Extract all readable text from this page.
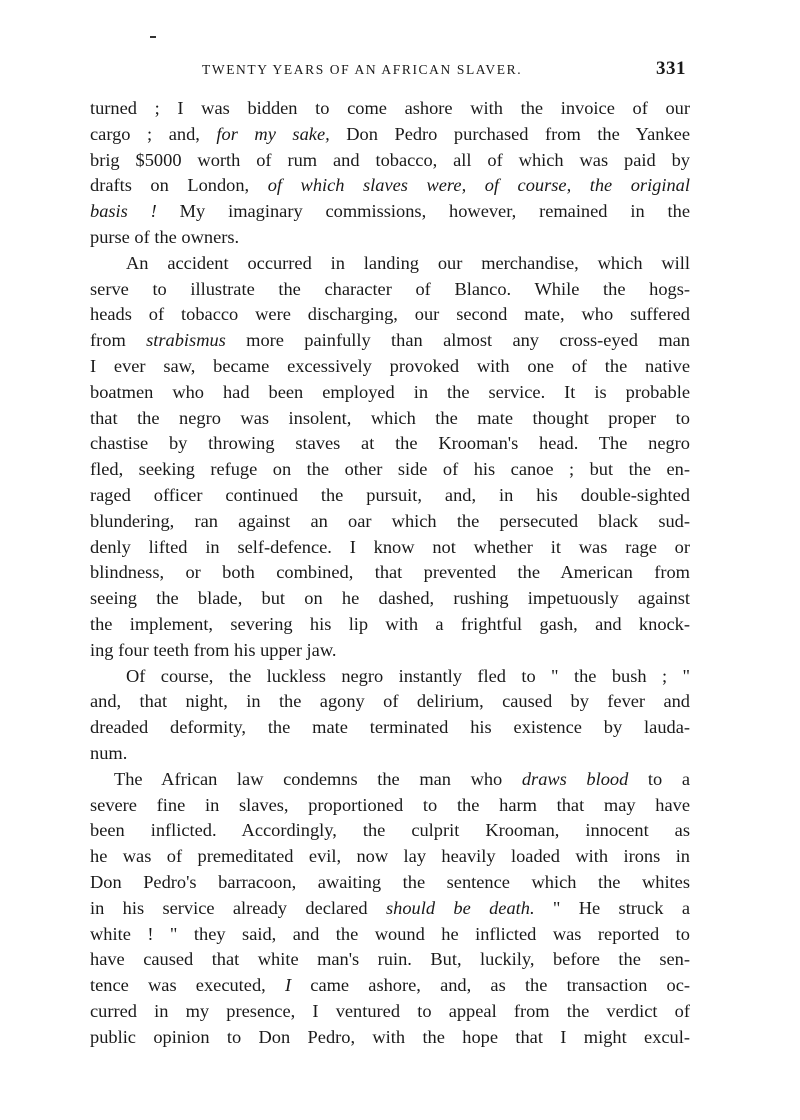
TWENTY YEARS OF AN AFRICAN SLAVER.	331
turned ; I was bidden to come ashore with the invoice of our
cargo ; and, for my sake, Don Pedro purchased from the Yankee
brig $5000 worth of rum and tobacco, all of which was paid by
drafts on London, of which slaves were, of course, the original
basis ! My imaginary commissions, however, remained in the
purse of the owners.
An accident occurred in landing our merchandise, which will
serve to illustrate the character of Blanco. While the hogs-
heads of tobacco were discharging, our second mate, who suffered
from strabismus more painfully than almost any cross-eyed man
I ever saw, became excessively provoked with one of the native
boatmen who had been employed in the service. It is probable
that the negro was insolent, which the mate thought proper to
chastise by throwing staves at the Krooman's head. The negro
fled, seeking refuge on the other side of his canoe ; but the en-
raged officer continued the pursuit, and, in his double-sighted
blundering, ran against an oar which the persecuted black sud-
denly lifted in self-defence. I know not whether it was rage or
blindness, or both combined, that prevented the American from
seeing the blade, but on he dashed, rushing impetuously against
the implement, severing his lip with a frightful gash, and knock-
ing four teeth from his upper jaw.
Of course, the luckless negro instantly fled to " the bush ; "
and, that night, in the agony of delirium, caused by fever and
dreaded deformity, the mate terminated his existence by lauda-
num.
The African law condemns the man who draws blood to a
severe fine in slaves, proportioned to the harm that may have
been inflicted. Accordingly, the culprit Krooman, innocent as
he was of premeditated evil, now lay heavily loaded with irons in
Don Pedro's barracoon, awaiting the sentence which the whites
in his service already declared should be death. " He struck a
white ! " they said, and the wound he inflicted was reported to
have caused that white man's ruin. But, luckily, before the sen-
tence was executed, I came ashore, and, as the transaction oc-
curred in my presence, I ventured to appeal from the verdict of
public opinion to Don Pedro, with the hope that I might excul-
